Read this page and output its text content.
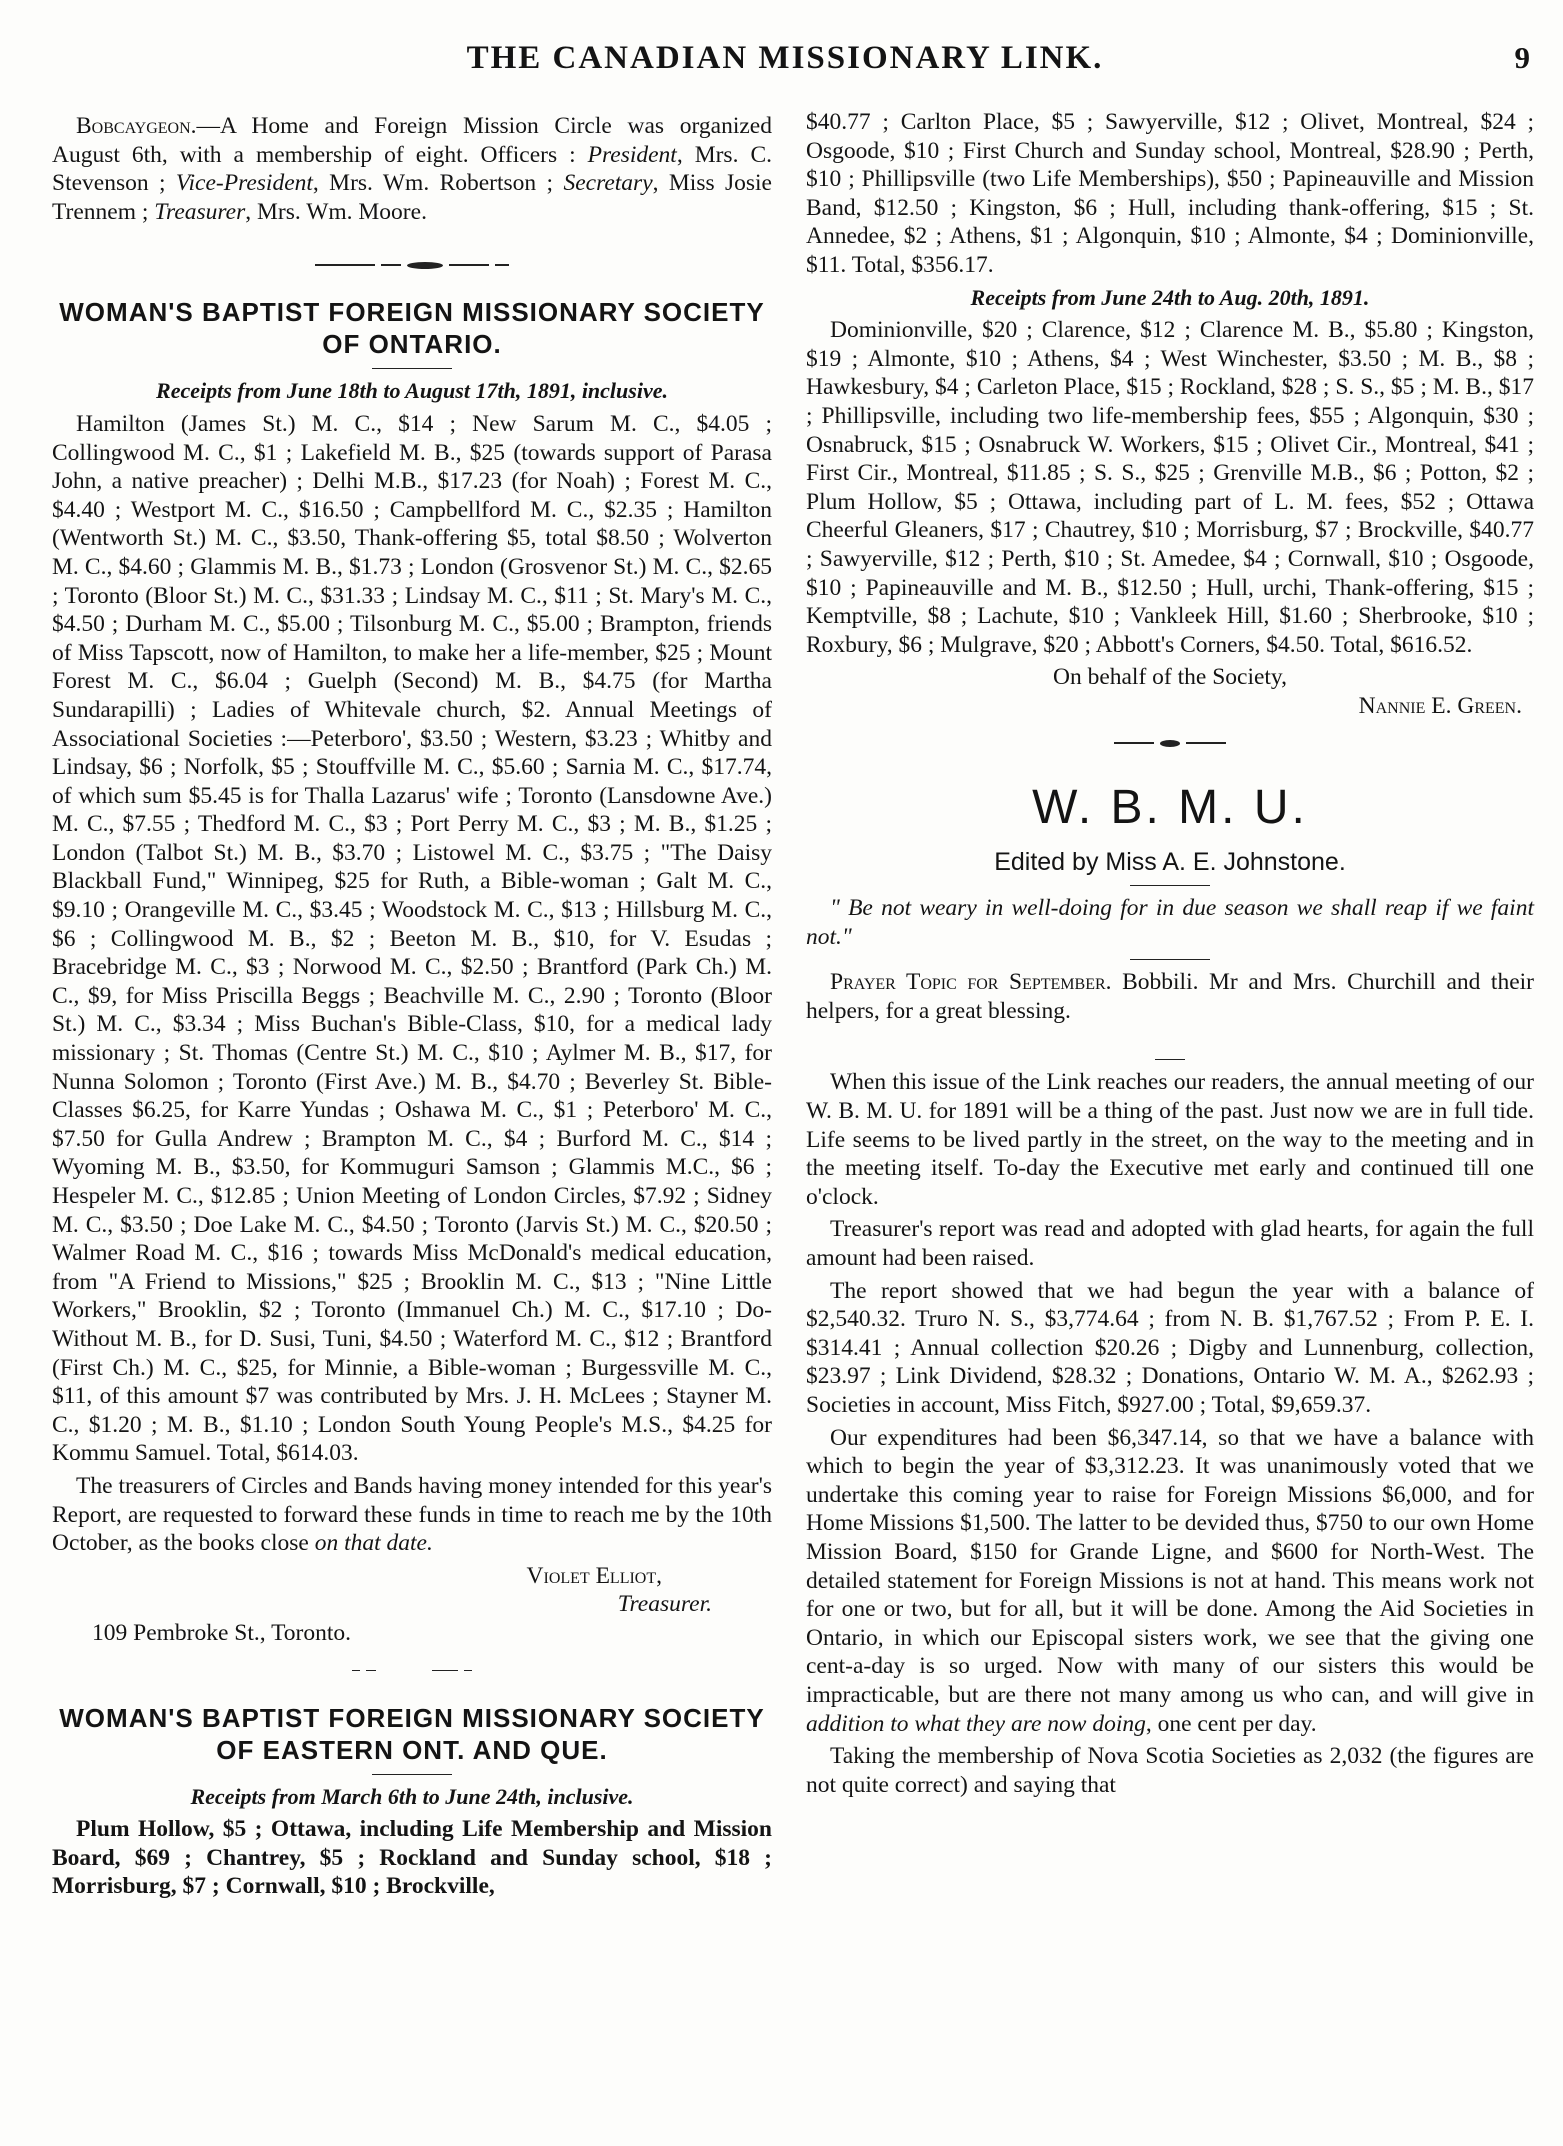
THE CANADIAN MISSIONARY LINK.	9

Bobcaygeon.—A Home and Foreign Mission Circle was organized August 6th, with a membership of eight. Officers : President, Mrs. C. Stevenson ; Vice-President, Mrs. Wm. Robertson ; Secretary, Miss Josie Trennem ; Treasurer, Mrs. Wm. Moore.

WOMAN'S BAPTIST FOREIGN MISSIONARY SOCIETY OF ONTARIO.
Receipts from June 18th to August 17th, 1891, inclusive.

Hamilton (James St.) M. C., $14 ; New Sarum M. C., $4.05 ; Collingwood M. C., $1 ; Lakefield M. B., $25 (towards support of Parasa John, a native preacher) ; Delhi M.B., $17.23 (for Noah) ; Forest M. C., $4.40 ; Westport M. C., $16.50 ; Campbellford M. C., $2.35 ; Hamilton (Wentworth St.) M. C., $3.50, Thank-offering $5, total $8.50 ; Wolverton M. C., $4.60 ; Glammis M. B., $1.73 ; London (Grosvenor St.) M. C., $2.65 ; Toronto (Bloor St.) M. C., $31.33 ; Lindsay M. C., $11 ; St. Mary's M. C., $4.50 ; Durham M. C., $5.00 ; Tilsonburg M. C., $5.00 ; Brampton, friends of Miss Tapscott, now of Hamilton, to make her a life-member, $25 ; Mount Forest M. C., $6.04 ; Guelph (Second) M. B., $4.75 (for Martha Sundarapilli) ; Ladies of Whitevale church, $2. Annual Meetings of Associational Societies :—Peterboro', $3.50 ; Western, $3.23 ; Whitby and Lindsay, $6 ; Norfolk, $5 ; Stouffville M. C., $5.60 ; Sarnia M. C., $17.74, of which sum $5.45 is for Thalla Lazarus' wife ; Toronto (Lansdowne Ave.) M. C., $7.55 ; Thedford M. C., $3 ; Port Perry M. C., $3 ; M. B., $1.25 ; London (Talbot St.) M. B., $3.70 ; Listowel M. C., $3.75 ; "The Daisy Blackball Fund," Winnipeg, $25 for Ruth, a Bible-woman ; Galt M. C., $9.10 ; Orangeville M. C., $3.45 ; Woodstock M. C., $13 ; Hillsburg M. C., $6 ; Collingwood M. B., $2 ; Beeton M. B., $10, for V. Esudas ; Bracebridge M. C., $3 ; Norwood M. C., $2.50 ; Brantford (Park Ch.) M. C., $9, for Miss Priscilla Beggs ; Beachville M. C., 2.90 ; Toronto (Bloor St.) M. C., $3.34 ; Miss Buchan's Bible-Class, $10, for a medical lady missionary ; St. Thomas (Centre St.) M. C., $10 ; Aylmer M. B., $17, for Nunna Solomon ; Toronto (First Ave.) M. B., $4.70 ; Beverley St. Bible-Classes $6.25, for Karre Yundas ; Oshawa M. C., $1 ; Peterboro' M. C., $7.50 for Gulla Andrew ; Brampton M. C., $4 ; Burford M. C., $14 ; Wyoming M. B., $3.50, for Kommuguri Samson ; Glammis M.C., $6 ; Hespeler M. C., $12.85 ; Union Meeting of London Circles, $7.92 ; Sidney M. C., $3.50 ; Doe Lake M. C., $4.50 ; Toronto (Jarvis St.) M. C., $20.50 ; Walmer Road M. C., $16 ; towards Miss McDonald's medical education, from "A Friend to Missions," $25 ; Brooklin M. C., $13 ; "Nine Little Workers," Brooklin, $2 ; Toronto (Immanuel Ch.) M. C., $17.10 ; Do-Without M. B., for D. Susi, Tuni, $4.50 ; Waterford M. C., $12 ; Brantford (First Ch.) M. C., $25, for Minnie, a Bible-woman ; Burgessville M. C., $11, of this amount $7 was contributed by Mrs. J. H. McLees ; Stayner M. C., $1.20 ; M. B., $1.10 ; London South Young People's M.S., $4.25 for Kommu Samuel. Total, $614.03.

The treasurers of Circles and Bands having money intended for this year's Report, are requested to forward these funds in time to reach me by the 10th October, as the books close on that date.

Violet Elliot,
Treasurer.

109 Pembroke St., Toronto.

WOMAN'S BAPTIST FOREIGN MISSIONARY SOCIETY OF EASTERN ONT. AND QUE.
Receipts from March 6th to June 24th, inclusive.

Plum Hollow, $5 ; Ottawa, including Life Membership and Mission Board, $69 ; Chantrey, $5 ; Rockland and Sunday school, $18 ; Morrisburg, $7 ; Cornwall, $10 ; Brockville,

$40.77 ; Carlton Place, $5 ; Sawyerville, $12 ; Olivet, Montreal, $24 ; Osgoode, $10 ; First Church and Sunday school, Montreal, $28.90 ; Perth, $10 ; Phillipsville (two Life Memberships), $50 ; Papineauville and Mission Band, $12.50 ; Kingston, $6 ; Hull, including thank-offering, $15 ; St. Annedee, $2 ; Athens, $1 ; Algonquin, $10 ; Almonte, $4 ; Dominionville, $11. Total, $356.17.

Receipts from June 24th to Aug. 20th, 1891.

Dominionville, $20 ; Clarence, $12 ; Clarence M. B., $5.80 ; Kingston, $19 ; Almonte, $10 ; Athens, $4 ; West Winchester, $3.50 ; M. B., $8 ; Hawkesbury, $4 ; Carleton Place, $15 ; Rockland, $28 ; S. S., $5 ; M. B., $17 ; Phillipsville, including two life-membership fees, $55 ; Algonquin, $30 ; Osnabruck, $15 ; Osnabruck W. Workers, $15 ; Olivet Cir., Montreal, $41 ; First Cir., Montreal, $11.85 ; S. S., $25 ; Grenville M.B., $6 ; Potton, $2 ; Plum Hollow, $5 ; Ottawa, including part of L. M. fees, $52 ; Ottawa Cheerful Gleaners, $17 ; Chautrey, $10 ; Morrisburg, $7 ; Brockville, $40.77 ; Sawyerville, $12 ; Perth, $10 ; St. Amedee, $4 ; Cornwall, $10 ; Osgoode, $10 ; Papineauville and M. B., $12.50 ; Hull, urchi, Thank-offering, $15 ; Kemptville, $8 ; Lachute, $10 ; Vankleek Hill, $1.60 ; Sherbrooke, $10 ; Roxbury, $6 ; Mulgrave, $20 ; Abbott's Corners, $4.50. Total, $616.52.

On behalf of the Society,
Nannie E. Green.
W. B. M. U.
Edited by Miss A. E. Johnstone.

" Be not weary in well-doing for in due season we shall reap if we faint not."

Prayer Topic for September. Bobbili. Mr and Mrs. Churchill and their helpers, for a great blessing.

When this issue of the Link reaches our readers, the annual meeting of our W. B. M. U. for 1891 will be a thing of the past. Just now we are in full tide. Life seems to be lived partly in the street, on the way to the meeting and in the meeting itself. To-day the Executive met early and continued till one o'clock.

Treasurer's report was read and adopted with glad hearts, for again the full amount had been raised.

The report showed that we had begun the year with a balance of $2,540.32. Truro N. S., $3,774.64 ; from N. B. $1,767.52 ; From P. E. I. $314.41 ; Annual collection $20.26 ; Digby and Lunnenburg, collection, $23.97 ; Link Dividend, $28.32 ; Donations, Ontario W. M. A., $262.93 ; Societies in account, Miss Fitch, $927.00 ; Total, $9,659.37.

Our expenditures had been $6,347.14, so that we have a balance with which to begin the year of $3,312.23. It was unanimously voted that we undertake this coming year to raise for Foreign Missions $6,000, and for Home Missions $1,500. The latter to be devided thus, $750 to our own Home Mission Board, $150 for Grande Ligne, and $600 for North-West. The detailed statement for Foreign Missions is not at hand. This means work not for one or two, but for all, but it will be done. Among the Aid Societies in Ontario, in which our Episcopal sisters work, we see that the giving one cent-a-day is so urged. Now with many of our sisters this would be impracticable, but are there not many among us who can, and will give in addition to what they are now doing, one cent per day.

Taking the membership of Nova Scotia Societies as 2,032 (the figures are not quite correct) and saying that
